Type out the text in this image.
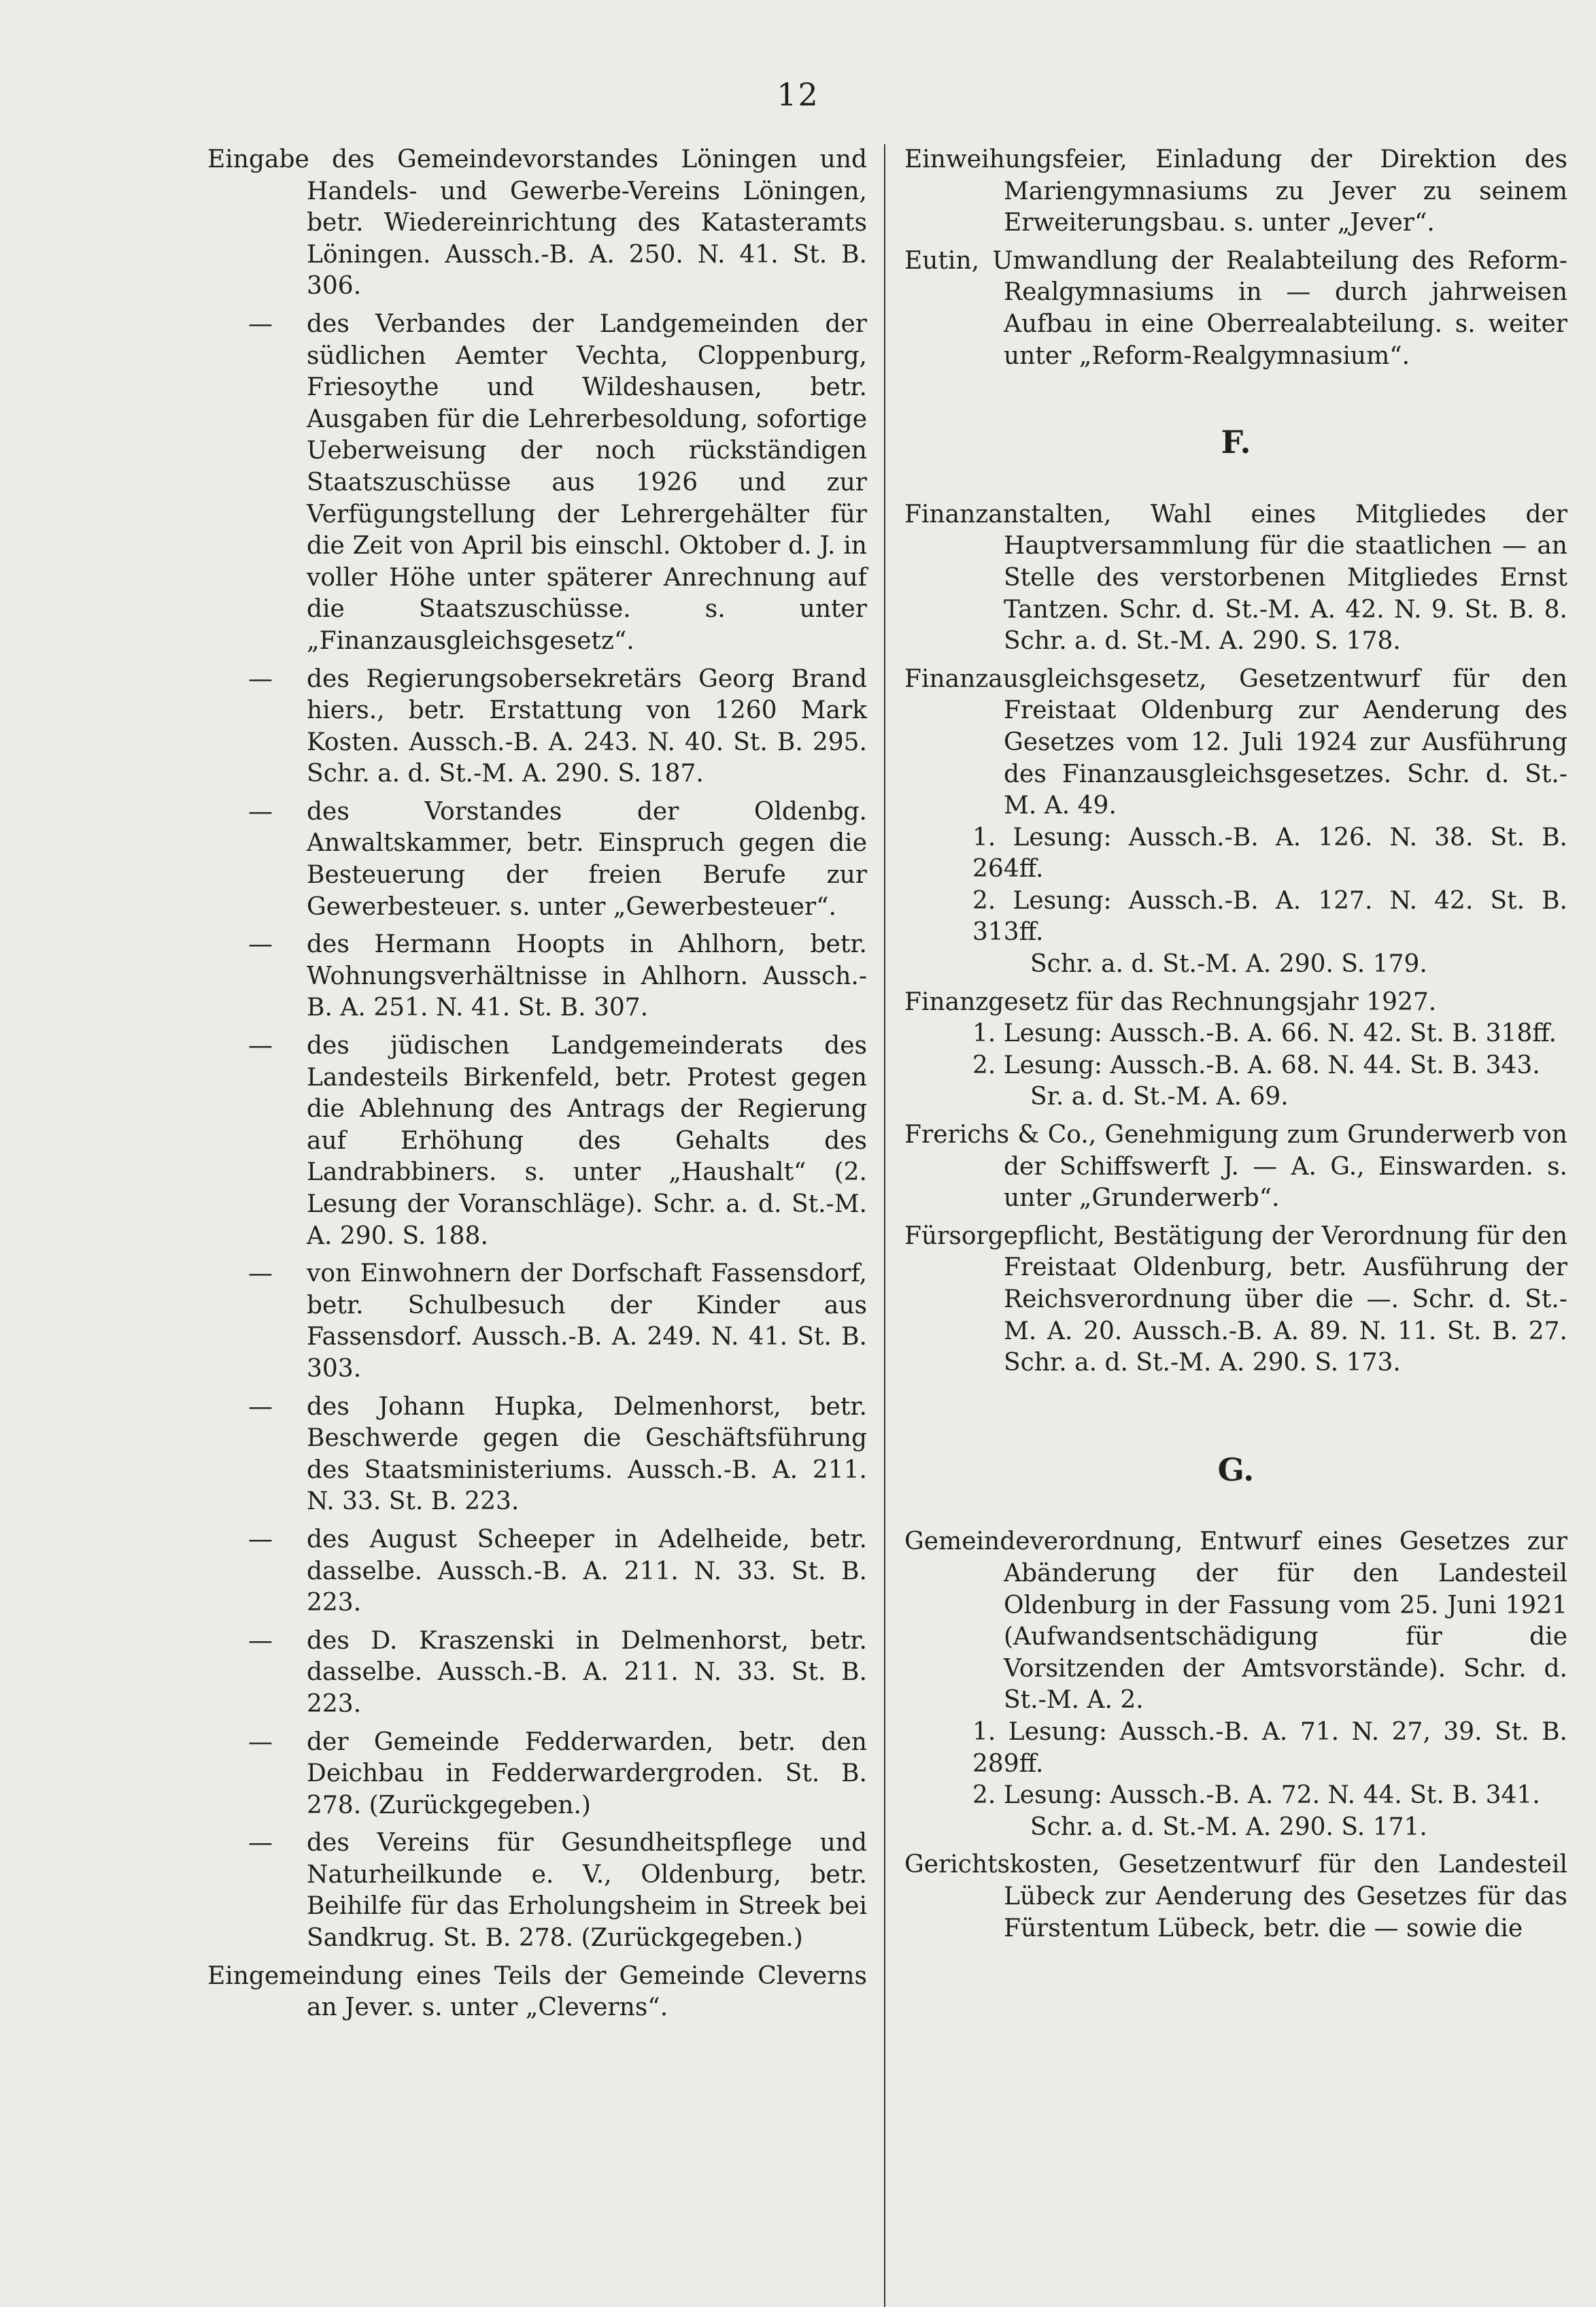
12

Eingabe des Gemeindevorstandes Löningen und Handels- und Gewerbe-Vereins Löningen, betr. Wiedereinrichtung des Katasteramts Löningen. Aussch.-B. A. 250. N. 41. St. B. 306.

— des Verbandes der Landgemeinden der südlichen Aemter Vechta, Cloppenburg, Friesoythe und Wildeshausen, betr. Ausgaben für die Lehrerbesoldung, sofortige Ueberweisung der noch rückständigen Staatszuschüsse aus 1926 und zur Verfügungstellung der Lehrergehälter für die Zeit von April bis einschl. Oktober d. J. in voller Höhe unter späterer Anrechnung auf die Staatszuschüsse. s. unter „Finanzausgleichsgesetz“.
— des Regierungsobersekretärs Georg Brand hiers., betr. Erstattung von 1260 Mark Kosten. Aussch.-B. A. 243. N. 40. St. B. 295. Schr. a. d. St.-M. A. 290. S. 187.
— des Vorstandes der Oldenbg. Anwaltskammer, betr. Einspruch gegen die Besteuerung der freien Berufe zur Gewerbesteuer. s. unter „Gewerbesteuer“.
— des Hermann Hoopts in Ahlhorn, betr. Wohnungsverhältnisse in Ahlhorn. Aussch.-B. A. 251. N. 41. St. B. 307.
— des jüdischen Landgemeinderats des Landesteils Birkenfeld, betr. Protest gegen die Ablehnung des Antrags der Regierung auf Erhöhung des Gehalts des Landrabbiners. s. unter „Haushalt“ (2. Lesung der Voranschläge). Schr. a. d. St.-M. A. 290. S. 188.
— von Einwohnern der Dorfschaft Fassensdorf, betr. Schulbesuch der Kinder aus Fassensdorf. Aussch.-B. A. 249. N. 41. St. B. 303.
— des Johann Hupka, Delmenhorst, betr. Beschwerde gegen die Geschäftsführung des Staatsministeriums. Aussch.-B. A. 211. N. 33. St. B. 223.
— des August Scheeper in Adelheide, betr. dasselbe. Aussch.-B. A. 211. N. 33. St. B. 223.
— des D. Kraszenski in Delmenhorst, betr. dasselbe. Aussch.-B. A. 211. N. 33. St. B. 223.
— der Gemeinde Fedderwarden, betr. den Deichbau in Fedderwardergroden. St. B. 278. (Zurückgegeben.)
— des Vereins für Gesundheitspflege und Naturheilkunde e. V., Oldenburg, betr. Beihilfe für das Erholungsheim in Streek bei Sandkrug. St. B. 278. (Zurückgegeben.)

Eingemeindung eines Teils der Gemeinde Cleverns an Jever. s. unter „Cleverns“.

Einweihungsfeier, Einladung der Direktion des Mariengymnasiums zu Jever zu seinem Erweiterungsbau. s. unter „Jever“.

Eutin, Umwandlung der Realabteilung des Reform-Realgymnasiums in — durch jahrweisen Aufbau in eine Oberrealabteilung. s. weiter unter „Reform-Realgymnasium“.

F.

Finanzanstalten, Wahl eines Mitgliedes der Hauptversammlung für die staatlichen — an Stelle des verstorbenen Mitgliedes Ernst Tantzen. Schr. d. St.-M. A. 42. N. 9. St. B. 8. Schr. a. d. St.-M. A. 290. S. 178.

Finanzausgleichsgesetz, Gesetzentwurf für den Freistaat Oldenburg zur Aenderung des Gesetzes vom 12. Juli 1924 zur Ausführung des Finanzausgleichsgesetzes. Schr. d. St.-M. A. 49.

1. Lesung: Aussch.-B. A. 126. N. 38. St. B. 264ff.
2. Lesung: Aussch.-B. A. 127. N. 42. St. B. 313ff.
Schr. a. d. St.-M. A. 290. S. 179.

Finanzgesetz für das Rechnungsjahr 1927.

1. Lesung: Aussch.-B. A. 66. N. 42. St. B. 318ff.
2. Lesung: Aussch.-B. A. 68. N. 44. St. B. 343.
Sr. a. d. St.-M. A. 69.

Frerichs & Co., Genehmigung zum Grunderwerb von der Schiffswerft J. — A. G., Einswarden. s. unter „Grunderwerb“.

Fürsorgepflicht, Bestätigung der Verordnung für den Freistaat Oldenburg, betr. Ausführung der Reichsverordnung über die —. Schr. d. St.-M. A. 20. Aussch.-B. A. 89. N. 11. St. B. 27. Schr. a. d. St.-M. A. 290. S. 173.

G.

Gemeindeverordnung, Entwurf eines Gesetzes zur Abänderung der für den Landesteil Oldenburg in der Fassung vom 25. Juni 1921 (Aufwandsentschädigung für die Vorsitzenden der Amtsvorstände). Schr. d. St.-M. A. 2.

1. Lesung: Aussch.-B. A. 71. N. 27, 39. St. B. 289ff.
2. Lesung: Aussch.-B. A. 72. N. 44. St. B. 341.
Schr. a. d. St.-M. A. 290. S. 171.

Gerichtskosten, Gesetzentwurf für den Landesteil Lübeck zur Aenderung des Gesetzes für das Fürstentum Lübeck, betr. die — sowie die
